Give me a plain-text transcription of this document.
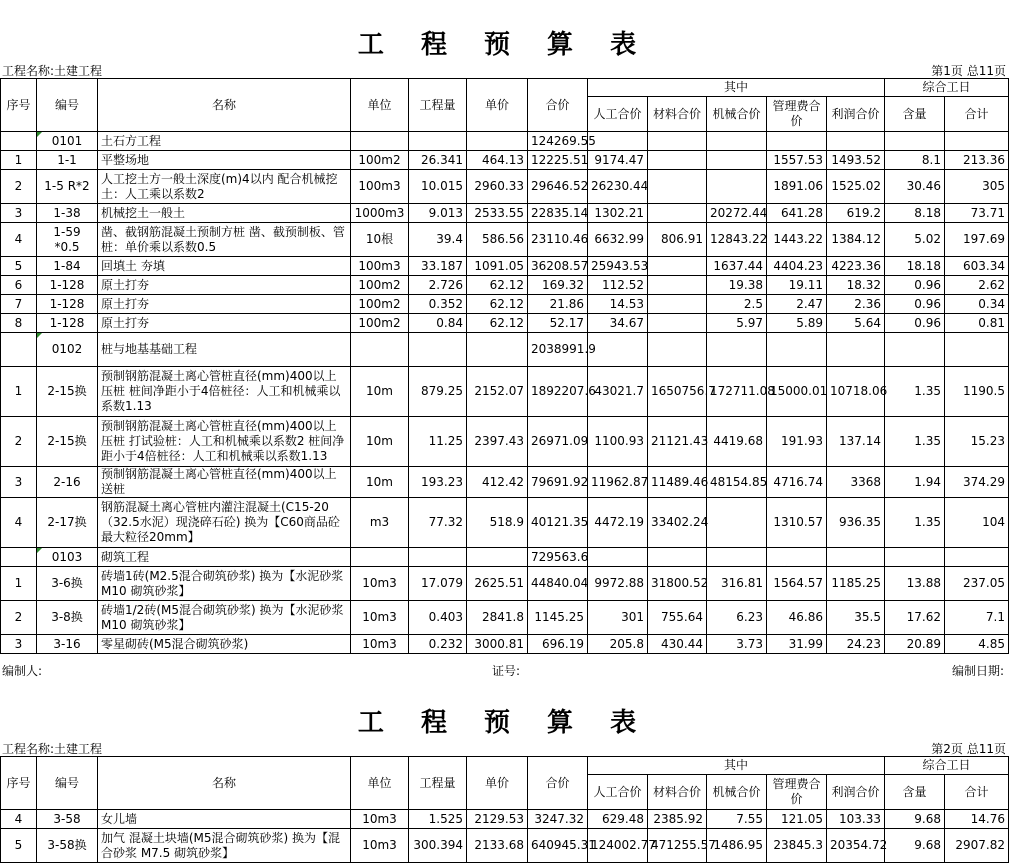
工 程 预 算 表
工程名称:土建工程	第1页 总11页
序号	编号	名称	单位	工程量	单价	合价	其中					综合工日	
							人工合价	材料合价	机械合价	管理费合价	利润合价	含量	合计
	0101	土石方工程				124269.55							
1	1-1	平整场地	100m2	26.341	464.13	12225.51	9174.47			1557.53	1493.52	8.1	213.36
2	1-5 R*2	人工挖土方一般土深度(m)4以内 配合机械挖土：人工乘以系数2	100m3	10.015	2960.33	29646.52	26230.44			1891.06	1525.02	30.46	305
3	1-38	机械挖土一般土	1000m3	9.013	2533.55	22835.14	1302.21		20272.44	641.28	619.2	8.18	73.71
4	1-59 *0.5	凿、截钢筋混凝土预制方桩 凿、截预制板、管桩：单价乘以系数0.5	10根	39.4	586.56	23110.46	6632.99	806.91	12843.22	1443.22	1384.12	5.02	197.69
5	1-84	回填土 夯填	100m3	33.187	1091.05	36208.57	25943.53		1637.44	4404.23	4223.36	18.18	603.34
6	1-128	原土打夯	100m2	2.726	62.12	169.32	112.52		19.38	19.11	18.32	0.96	2.62
7	1-128	原土打夯	100m2	0.352	62.12	21.86	14.53		2.5	2.47	2.36	0.96	0.34
8	1-128	原土打夯	100m2	0.84	62.12	52.17	34.67		5.97	5.89	5.64	0.96	0.81
	0102	桩与地基基础工程				2038991.9							
1	2-15换	预制钢筋混凝土离心管桩直径(mm)400以上压桩 桩间净距小于4倍桩径：人工和机械乘以系数1.13	10m	879.25	2152.07	1892207.6	43021.7	1650756.7	172711.08	15000.01	10718.06	1.35	1190.5
2	2-15换	预制钢筋混凝土离心管桩直径(mm)400以上压桩 打试验桩：人工和机械乘以系数2 桩间净距小于4倍桩径：人工和机械乘以系数1.13	10m	11.25	2397.43	26971.09	1100.93	21121.43	4419.68	191.93	137.14	1.35	15.23
3	2-16	预制钢筋混凝土离心管桩直径(mm)400以上送桩	10m	193.23	412.42	79691.92	11962.87	11489.46	48154.85	4716.74	3368	1.94	374.29
4	2-17换	钢筋混凝土离心管桩内灌注混凝土(C15-20（32.5水泥）现浇碎石砼) 换为【C60商品砼 最大粒径20mm】	m3	77.32	518.9	40121.35	4472.19	33402.24		1310.57	936.35	1.35	104
	0103	砌筑工程				729563.6							
1	3-6换	砖墙1砖(M2.5混合砌筑砂浆) 换为【水泥砂浆 M10 砌筑砂浆】	10m3	17.079	2625.51	44840.04	9972.88	31800.52	316.81	1564.57	1185.25	13.88	237.05
2	3-8换	砖墙1/2砖(M5混合砌筑砂浆) 换为【水泥砂浆 M10 砌筑砂浆】	10m3	0.403	2841.8	1145.25	301	755.64	6.23	46.86	35.5	17.62	7.1
3	3-16	零星砌砖(M5混合砌筑砂浆)	10m3	0.232	3000.81	696.19	205.8	430.44	3.73	31.99	24.23	20.89	4.85
编制人:	证号:	编制日期:
工 程 预 算 表
工程名称:土建工程	第2页 总11页
序号	编号	名称	单位	工程量	单价	合价	其中					综合工日	
							人工合价	材料合价	机械合价	管理费合价	利润合价	含量	合计
4	3-58	女儿墙	10m3	1.525	2129.53	3247.32	629.48	2385.92	7.55	121.05	103.33	9.68	14.76
5	3-58换	加气 混凝土块墙(M5混合砌筑砂浆) 换为【混合砂浆 M7.5 砌筑砂浆】	10m3	300.394	2133.68	640945.31	124002.77	471255.57	1486.95	23845.3	20354.72	9.68	2907.82
